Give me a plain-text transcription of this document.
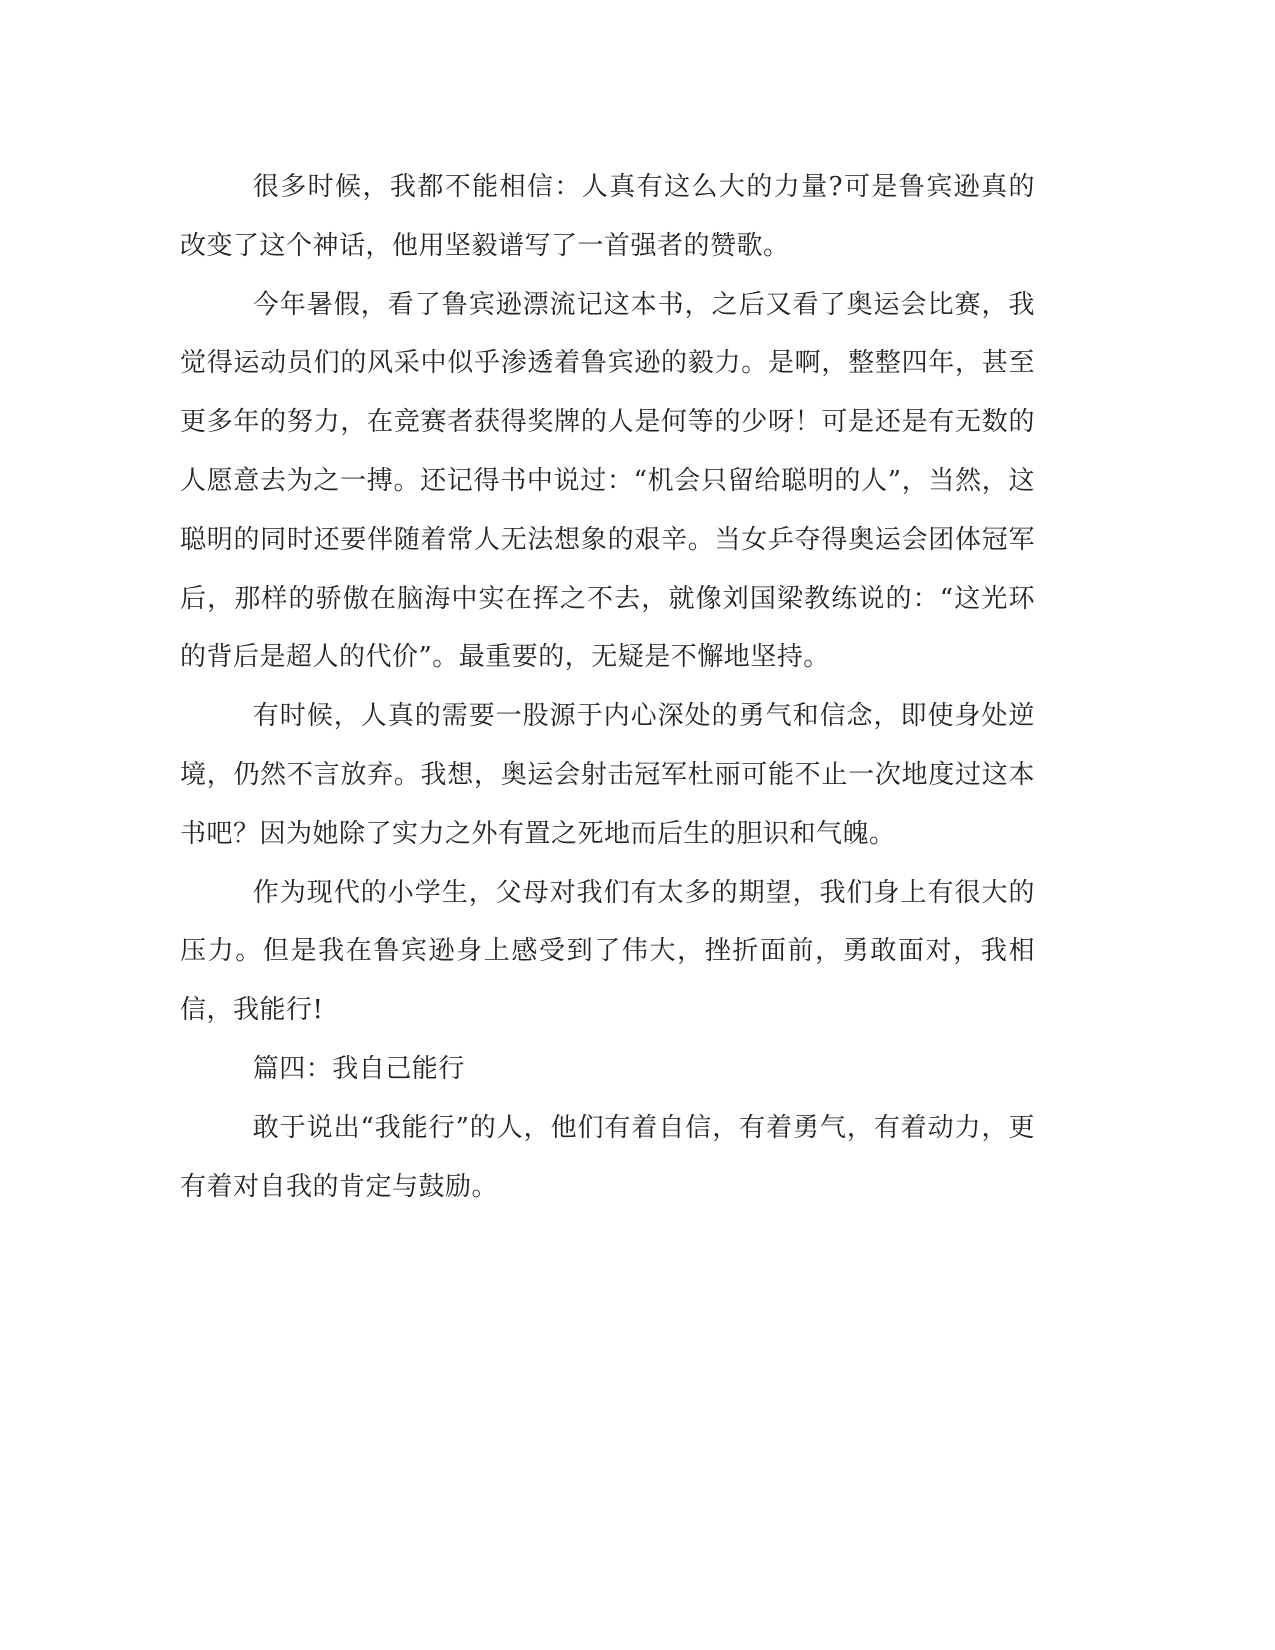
很多时候，我都不能相信：人真有这么大的力量?可是鲁宾逊真的改变了这个神话，他用坚毅谱写了一首强者的赞歌。

今年暑假，看了鲁宾逊漂流记这本书，之后又看了奥运会比赛，我觉得运动员们的风采中似乎渗透着鲁宾逊的毅力。是啊，整整四年，甚至更多年的努力，在竞赛者获得奖牌的人是何等的少呀！可是还是有无数的人愿意去为之一搏。还记得书中说过：“机会只留给聪明的人”，当然，这聪明的同时还要伴随着常人无法想象的艰辛。当女乒夺得奥运会团体冠军后，那样的骄傲在脑海中实在挥之不去，就像刘国梁教练说的：“这光环的背后是超人的代价”。最重要的，无疑是不懈地坚持。

有时候，人真的需要一股源于内心深处的勇气和信念，即使身处逆境，仍然不言放弃。我想，奥运会射击冠军杜丽可能不止一次地度过这本书吧？因为她除了实力之外有置之死地而后生的胆识和气魄。

作为现代的小学生，父母对我们有太多的期望，我们身上有很大的压力。但是我在鲁宾逊身上感受到了伟大，挫折面前，勇敢面对，我相信，我能行!

篇四：我自己能行

敢于说出“我能行”的人，他们有着自信，有着勇气，有着动力，更有着对自我的肯定与鼓励。
